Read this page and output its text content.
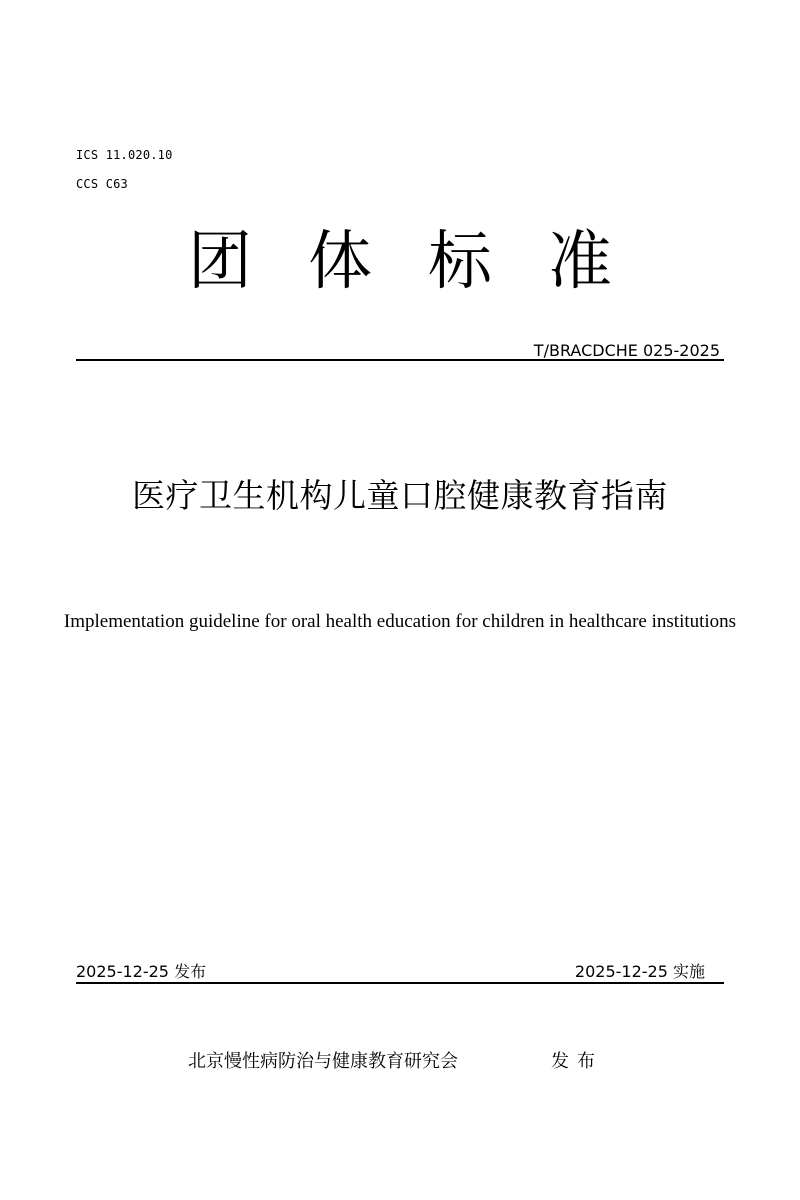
ICS 11.020.10
CCS C63
团体标准
T/BRACDCHE 025-2025
医疗卫生机构儿童口腔健康教育指南
Implementation guideline for oral health education for children in healthcare institutions
2025-12-25 发布	2025-12-25 实施
北京慢性病防治与健康教育研究会	发布
